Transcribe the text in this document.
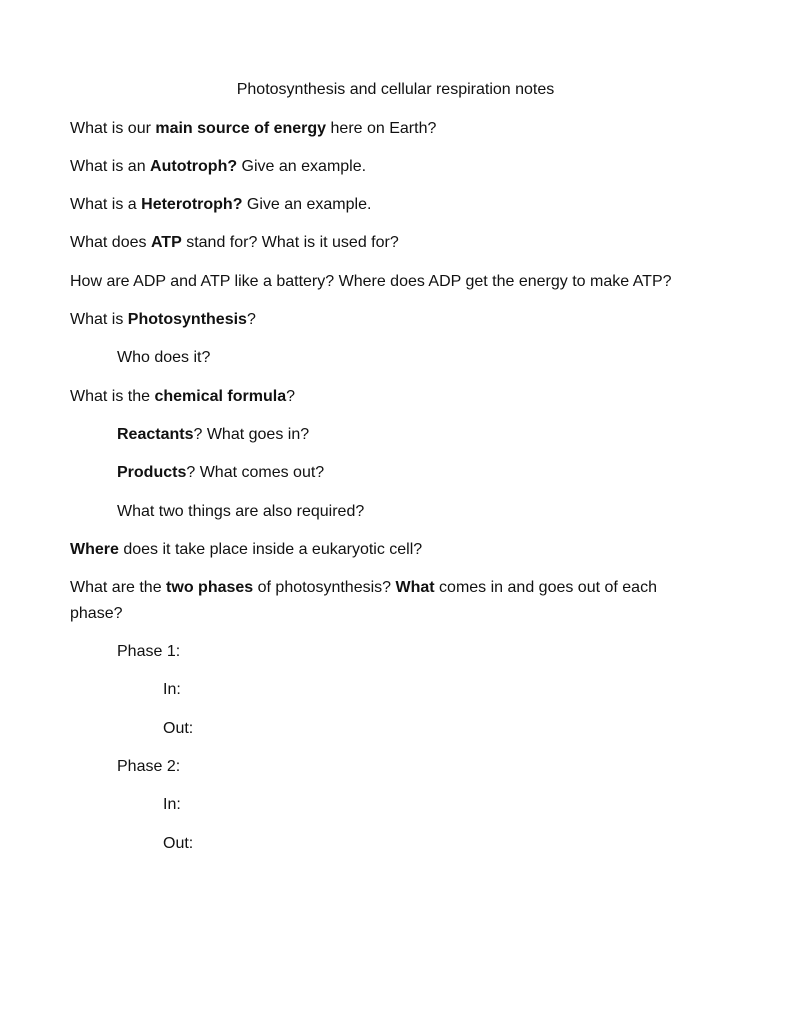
Photosynthesis and cellular respiration notes

What is our main source of energy here on Earth?

What is an Autotroph? Give an example.

What is a Heterotroph? Give an example.

What does ATP stand for? What is it used for?

How are ADP and ATP like a battery? Where does ADP get the energy to make ATP?

What is Photosynthesis?

Who does it?

What is the chemical formula?

Reactants? What goes in?

Products? What comes out?

What two things are also required?

Where does it take place inside a eukaryotic cell?

What are the two phases of photosynthesis? What comes in and goes out of each

phase?

Phase 1:

In:

Out:

Phase 2:

In:

Out:
